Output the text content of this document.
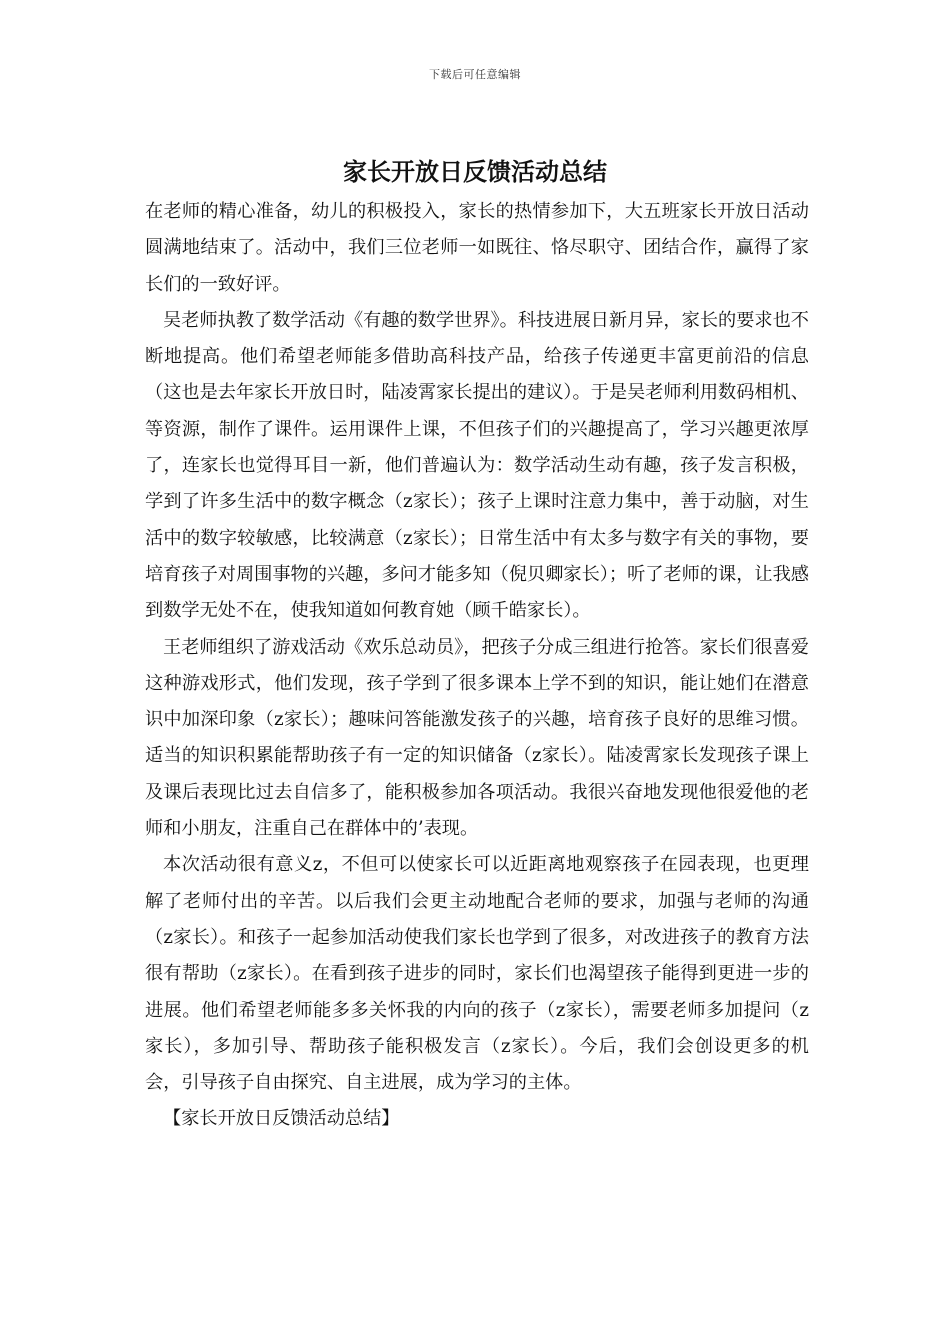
下载后可任意编辑
家长开放日反馈活动总结

在老师的精心准备，幼儿的积极投入，家长的热情参加下，大五班家长开放日活动圆满地结束了。活动中，我们三位老师一如既往、恪尽职守、团结合作，赢得了家长们的一致好评。

吴老师执教了数学活动《有趣的数学世界》。科技进展日新月异，家长的要求也不断地提高。他们希望老师能多借助高科技产品，给孩子传递更丰富更前沿的信息（这也是去年家长开放日时，陆凌霄家长提出的建议）。于是吴老师利用数码相机、等资源，制作了课件。运用课件上课，不但孩子们的兴趣提高了，学习兴趣更浓厚了，连家长也觉得耳目一新，他们普遍认为：数学活动生动有趣，孩子发言积极，学到了许多生活中的数字概念（z家长）；孩子上课时注意力集中，善于动脑，对生活中的数字较敏感，比较满意（z家长）；日常生活中有太多与数字有关的事物，要培育孩子对周围事物的兴趣，多问才能多知（倪贝卿家长）；听了老师的课，让我感到数学无处不在，使我知道如何教育她（顾千皓家长）。

王老师组织了游戏活动《欢乐总动员》，把孩子分成三组进行抢答。家长们很喜爱这种游戏形式，他们发现，孩子学到了很多课本上学不到的知识，能让她们在潜意识中加深印象（z家长）；趣味问答能激发孩子的兴趣，培育孩子良好的思维习惯。适当的知识积累能帮助孩子有一定的知识储备（z家长）。陆凌霄家长发现孩子课上及课后表现比过去自信多了，能积极参加各项活动。我很兴奋地发现他很爱他的老师和小朋友，注重自己在群体中的’表现。

本次活动很有意义z，不但可以使家长可以近距离地观察孩子在园表现，也更理解了老师付出的辛苦。以后我们会更主动地配合老师的要求，加强与老师的沟通（z家长）。和孩子一起参加活动使我们家长也学到了很多，对改进孩子的教育方法很有帮助（z家长）。在看到孩子进步的同时，家长们也渴望孩子能得到更进一步的进展。他们希望老师能多多关怀我的内向的孩子（z家长），需要老师多加提问（z家长），多加引导、帮助孩子能积极发言（z家长）。今后，我们会创设更多的机会，引导孩子自由探究、自主进展，成为学习的主体。

【家长开放日反馈活动总结】
